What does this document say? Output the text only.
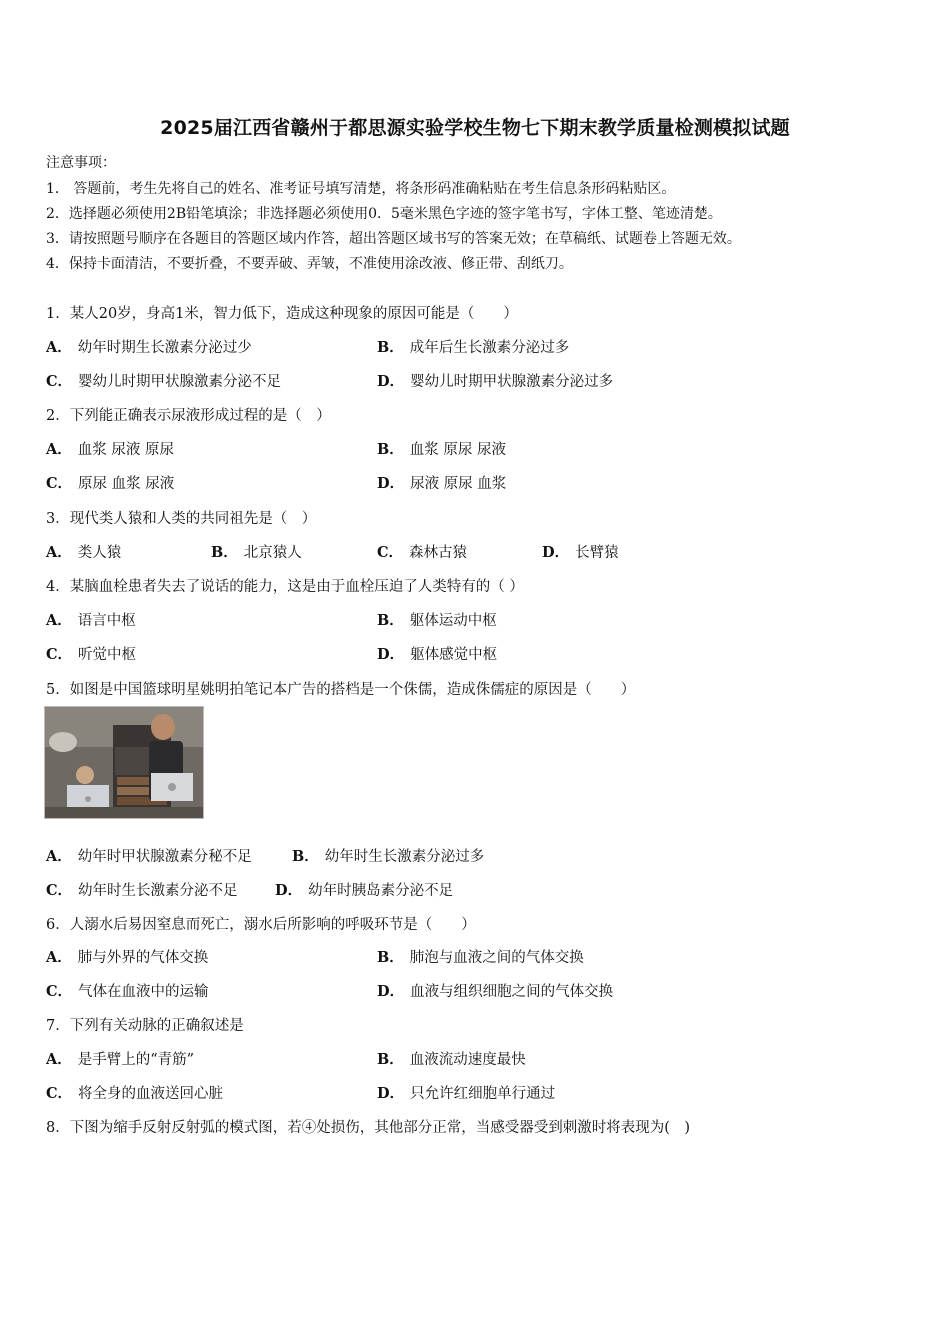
2025届江西省赣州于都思源实验学校生物七下期末教学质量检测模拟试题
注意事项：
1． 答题前，考生先将自己的姓名、准考证号填写清楚，将条形码准确粘贴在考生信息条形码粘贴区。
2．选择题必须使用2B铅笔填涂；非选择题必须使用0．5毫米黑色字迹的签字笔书写，字体工整、笔迹清楚。
3．请按照题号顺序在各题目的答题区域内作答，超出答题区域书写的答案无效；在草稿纸、试题卷上答题无效。
4．保持卡面清洁，不要折叠，不要弄破、弄皱，不准使用涂改液、修正带、刮纸刀。
1．某人20岁，身高1米，智力低下，造成这种现象的原因可能是（　　）
A． 幼年时期生长激素分泌过少	B． 成年后生长激素分泌过多
C． 婴幼儿时期甲状腺激素分泌不足	D． 婴幼儿时期甲状腺激素分泌过多
2．下列能正确表示尿液形成过程的是（　）
A． 血浆 尿液 原尿	B． 血浆 原尿 尿液
C． 原尿 血浆 尿液	D． 尿液 原尿 血浆
3．现代类人猿和人类的共同祖先是（　）
A． 类人猿	B． 北京猿人	C． 森林古猿	D． 长臂猿
4．某脑血栓患者失去了说话的能力，这是由于血栓压迫了人类特有的（ ）
A． 语言中枢	B． 躯体运动中枢
C． 听觉中枢	D． 躯体感觉中枢
5．如图是中国篮球明星姚明拍笔记本广告的搭档是一个侏儒，造成侏儒症的原因是（　　）
A． 幼年时甲状腺激素分秘不足	B． 幼年时生长激素分泌过多
C． 幼年时生长激素分泌不足	D． 幼年时胰岛素分泌不足
6．人溺水后易因窒息而死亡，溺水后所影响的呼吸环节是（　　）
A． 肺与外界的气体交换	B． 肺泡与血液之间的气体交换
C． 气体在血液中的运输	D． 血液与组织细胞之间的气体交换
7．下列有关动脉的正确叙述是
A． 是手臂上的“青筋”	B． 血液流动速度最快
C． 将全身的血液送回心脏	D． 只允许红细胞单行通过
8．下图为缩手反射反射弧的模式图，若④处损伤，其他部分正常，当感受器受到刺激时将表现为(　)
